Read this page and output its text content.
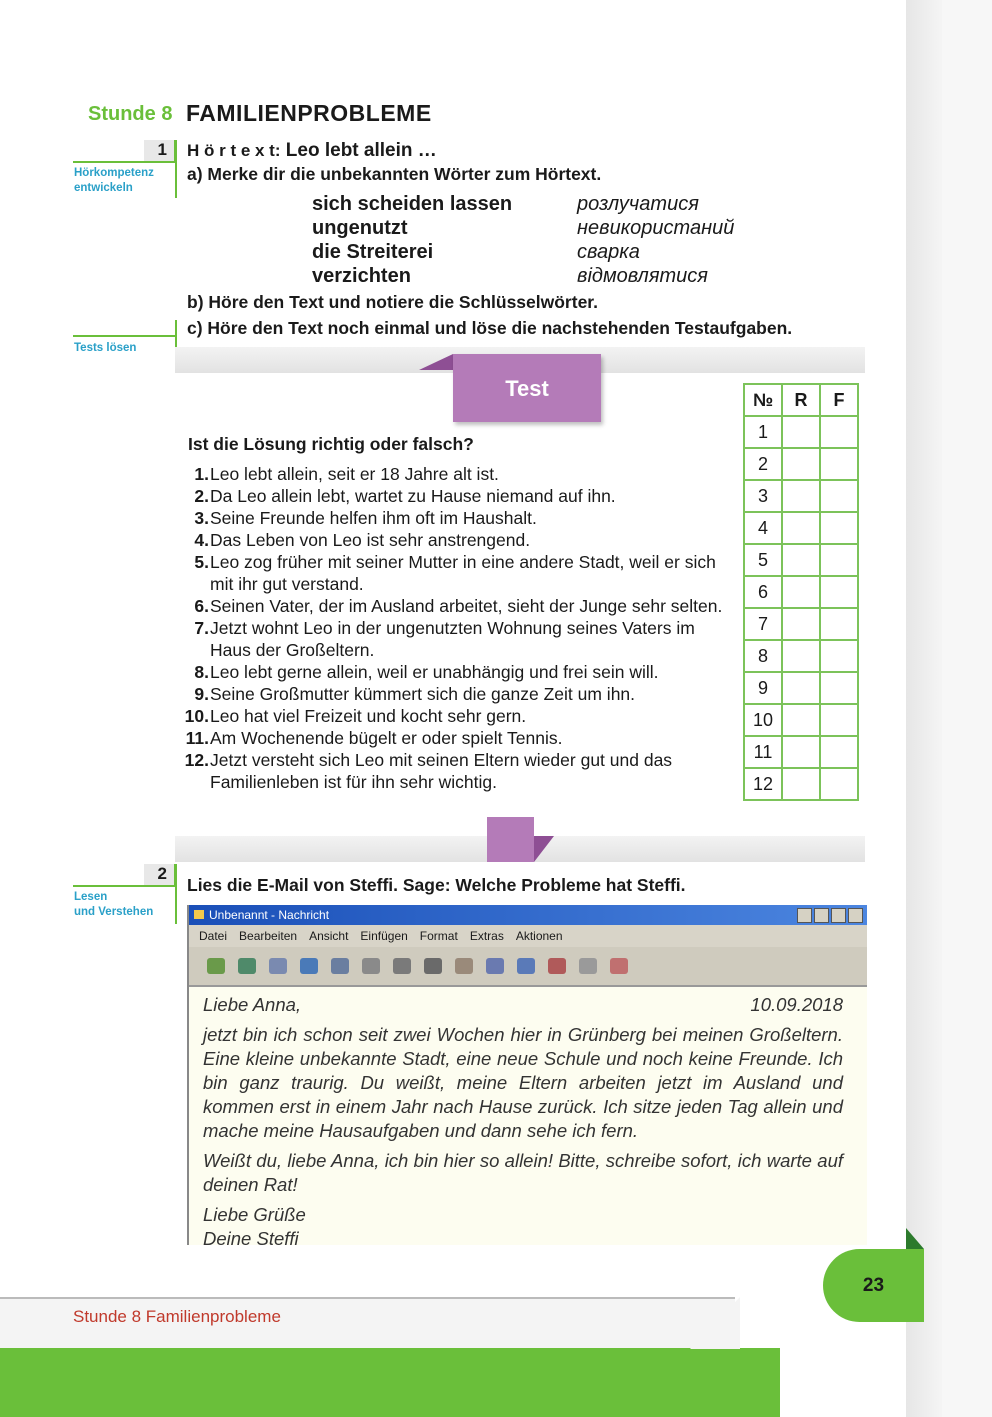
Stunde 8 FAMILIENPROBLEME
1
Hörkompetenz
entwickeln
Tests lösen
H ö r t e x t: Leo lebt allein …
a) Merke dir die unbekannten Wörter zum Hörtext.
sich scheiden lassen	розлучатися
ungenutzt	невикористаний
die Streiterei	сварка
verzichten	відмовлятися
b) Höre den Text und notiere die Schlüsselwörter.
c) Höre den Text noch einmal und löse die nachstehenden Testaufgaben.
Test
Ist die Lösung richtig oder falsch?
1. Leo lebt allein, seit er 18 Jahre alt ist.
2. Da Leo allein lebt, wartet zu Hause niemand auf ihn.
3. Seine Freunde helfen ihm oft im Haushalt.
4. Das Leben von Leo ist sehr anstrengend.
5. Leo zog früher mit seiner Mutter in eine andere Stadt, weil er sich mit ihr gut verstand.
6. Seinen Vater, der im Ausland arbeitet, sieht der Junge sehr selten.
7. Jetzt wohnt Leo in der ungenutzten Wohnung seines Vaters im Haus der Großeltern.
8. Leo lebt gerne allein, weil er unabhängig und frei sein will.
9. Seine Großmutter kümmert sich die ganze Zeit um ihn.
10. Leo hat viel Freizeit und kocht sehr gern.
11. Am Wochenende bügelt er oder spielt Tennis.
12. Jetzt versteht sich Leo mit seinen Eltern wieder gut und das Familienleben ist für ihn sehr wichtig.
№	R	F
1		
2		
3		
4		
5		
6		
7		
8		
9		
10		
11		
12		
2
Lesen
und Verstehen
Lies die E-Mail von Steffi. Sage: Welche Probleme hat Steffi.
Unbenannt - Nachricht
Datei Bearbeiten Ansicht Einfügen Format Extras Aktionen
Liebe Anna,	10.09.2018

jetzt bin ich schon seit zwei Wochen hier in Grünberg bei meinen Großeltern. Eine kleine unbekannte Stadt, eine neue Schule und noch keine Freunde. Ich bin ganz traurig. Du weißt, meine Eltern arbeiten jetzt im Ausland und kommen erst in einem Jahr nach Hause zurück. Ich sitze jeden Tag allein und mache meine Hausaufgaben und dann sehe ich fern.

Weißt du, liebe Anna, ich bin hier so allein! Bitte, schreibe sofort, ich warte auf deinen Rat!

Liebe Grüße
Deine Steffi
23
Stunde 8 Familienprobleme
